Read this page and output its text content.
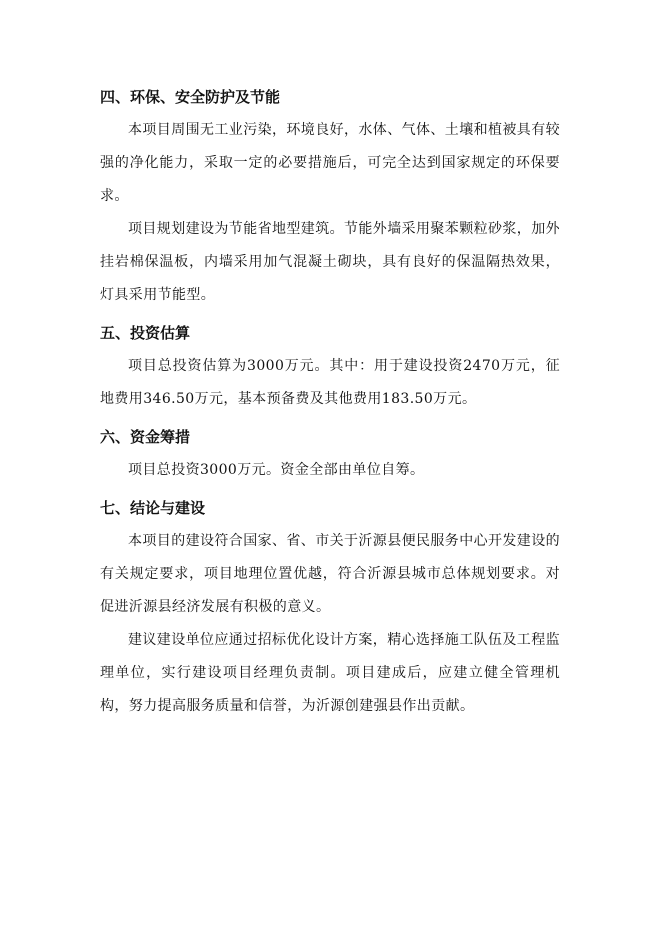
四、环保、安全防护及节能

本项目周围无工业污染，环境良好，水体、气体、土壤和植被具有较强的净化能力，采取一定的必要措施后，可完全达到国家规定的环保要求。

项目规划建设为节能省地型建筑。节能外墙采用聚苯颗粒砂浆，加外挂岩棉保温板，内墙采用加气混凝土砌块，具有良好的保温隔热效果，灯具采用节能型。

五、投资估算

项目总投资估算为3000万元。其中：用于建设投资2470万元，征地费用346.50万元，基本预备费及其他费用183.50万元。

六、资金筹措

项目总投资3000万元。资金全部由单位自筹。

七、结论与建设

本项目的建设符合国家、省、市关于沂源县便民服务中心开发建设的有关规定要求，项目地理位置优越，符合沂源县城市总体规划要求。对促进沂源县经济发展有积极的意义。

建议建设单位应通过招标优化设计方案，精心选择施工队伍及工程监理单位，实行建设项目经理负责制。项目建成后，应建立健全管理机构，努力提高服务质量和信誉，为沂源创建强县作出贡献。
